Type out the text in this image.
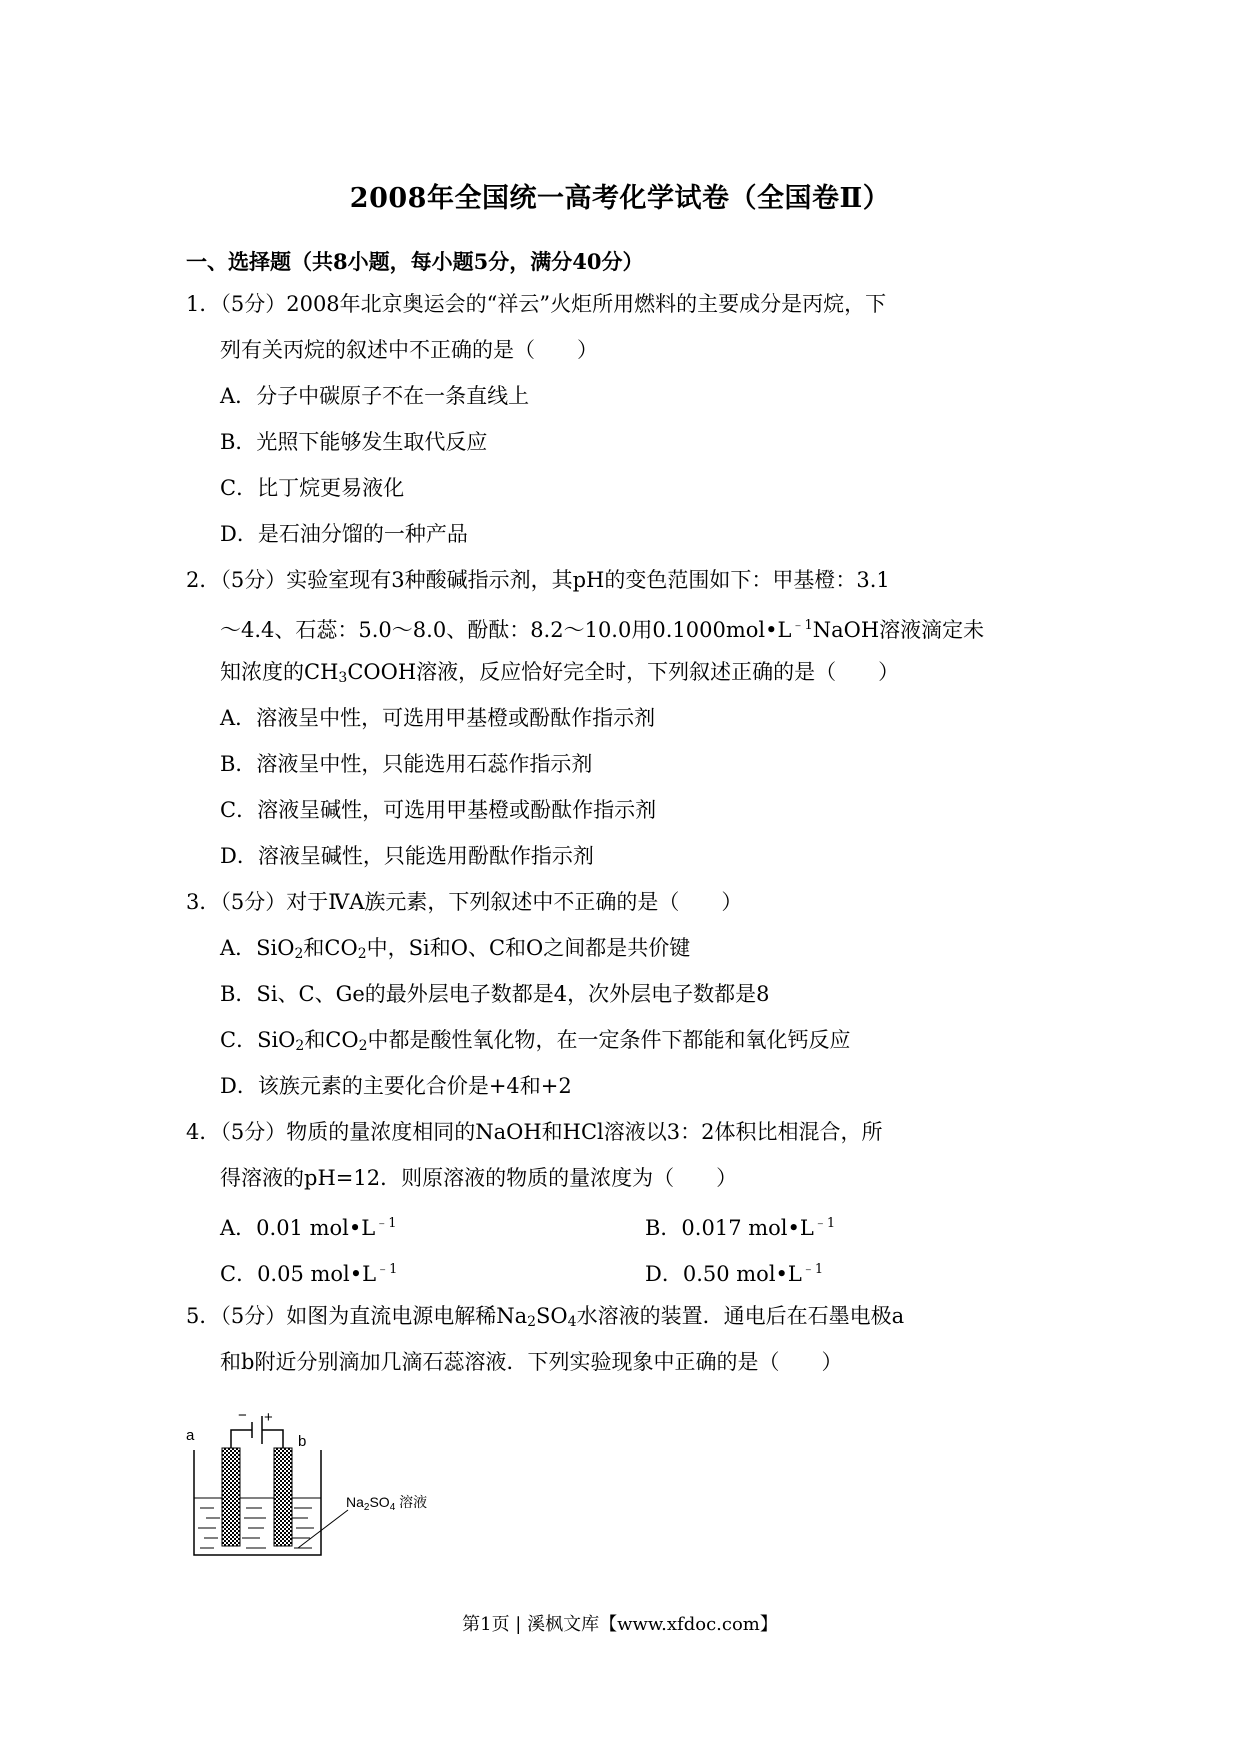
2008年全国统一高考化学试卷（全国卷Ⅱ）
一、选择题（共8小题，每小题5分，满分40分）
1．（5分）2008年北京奥运会的“祥云”火炬所用燃料的主要成分是丙烷，下
列有关丙烷的叙述中不正确的是（　　）
A．分子中碳原子不在一条直线上
B．光照下能够发生取代反应
C．比丁烷更易液化
D．是石油分馏的一种产品
2．（5分）实验室现有3种酸碱指示剂，其pH的变色范围如下：甲基橙：3.1
～4.4、石蕊：5.0～8.0、酚酞：8.2～10.0用$0.1000mol•L^{﹣1}NaOH$溶液滴定未
知浓度的$CH_3COOH$溶液，反应恰好完全时，下列叙述正确的是（　　）
A．溶液呈中性，可选用甲基橙或酚酞作指示剂
B．溶液呈中性，只能选用石蕊作指示剂
C．溶液呈碱性，可选用甲基橙或酚酞作指示剂
D．溶液呈碱性，只能选用酚酞作指示剂
3．（5分）对于ⅣA族元素，下列叙述中不正确的是（　　）
A．SiO$_2$和$CO_2$中，Si和O、C和O之间都是共价键
B．Si、C、Ge的最外层电子数都是4，次外层电子数都是8
C．SiO$_2$和$CO_2$中都是酸性氧化物，在一定条件下都能和氧化钙反应
D．该族元素的主要化合价是+4和+2
4．（5分）物质的量浓度相同的NaOH和HCl溶液以3：2体积比相混合，所
得溶液的pH=12．则原溶液的物质的量浓度为（　　）
A．0.01 $mol•L^{﹣1}$	B．0.017 $mol•L^{﹣1}$
C．0.05 $mol•L^{﹣1}$	D．0.50 $mol•L^{﹣1}$
5．（5分）如图为直流电源电解稀$Na_2SO_4$水溶液的装置．通电后在石墨电极a
和b附近分别滴加几滴石蕊溶液．下列实验现象中正确的是（　　）
a	b
− +
$Na_2SO_4$ 溶液
第1页 | 溪枫文库【www.xfdoc.com】
